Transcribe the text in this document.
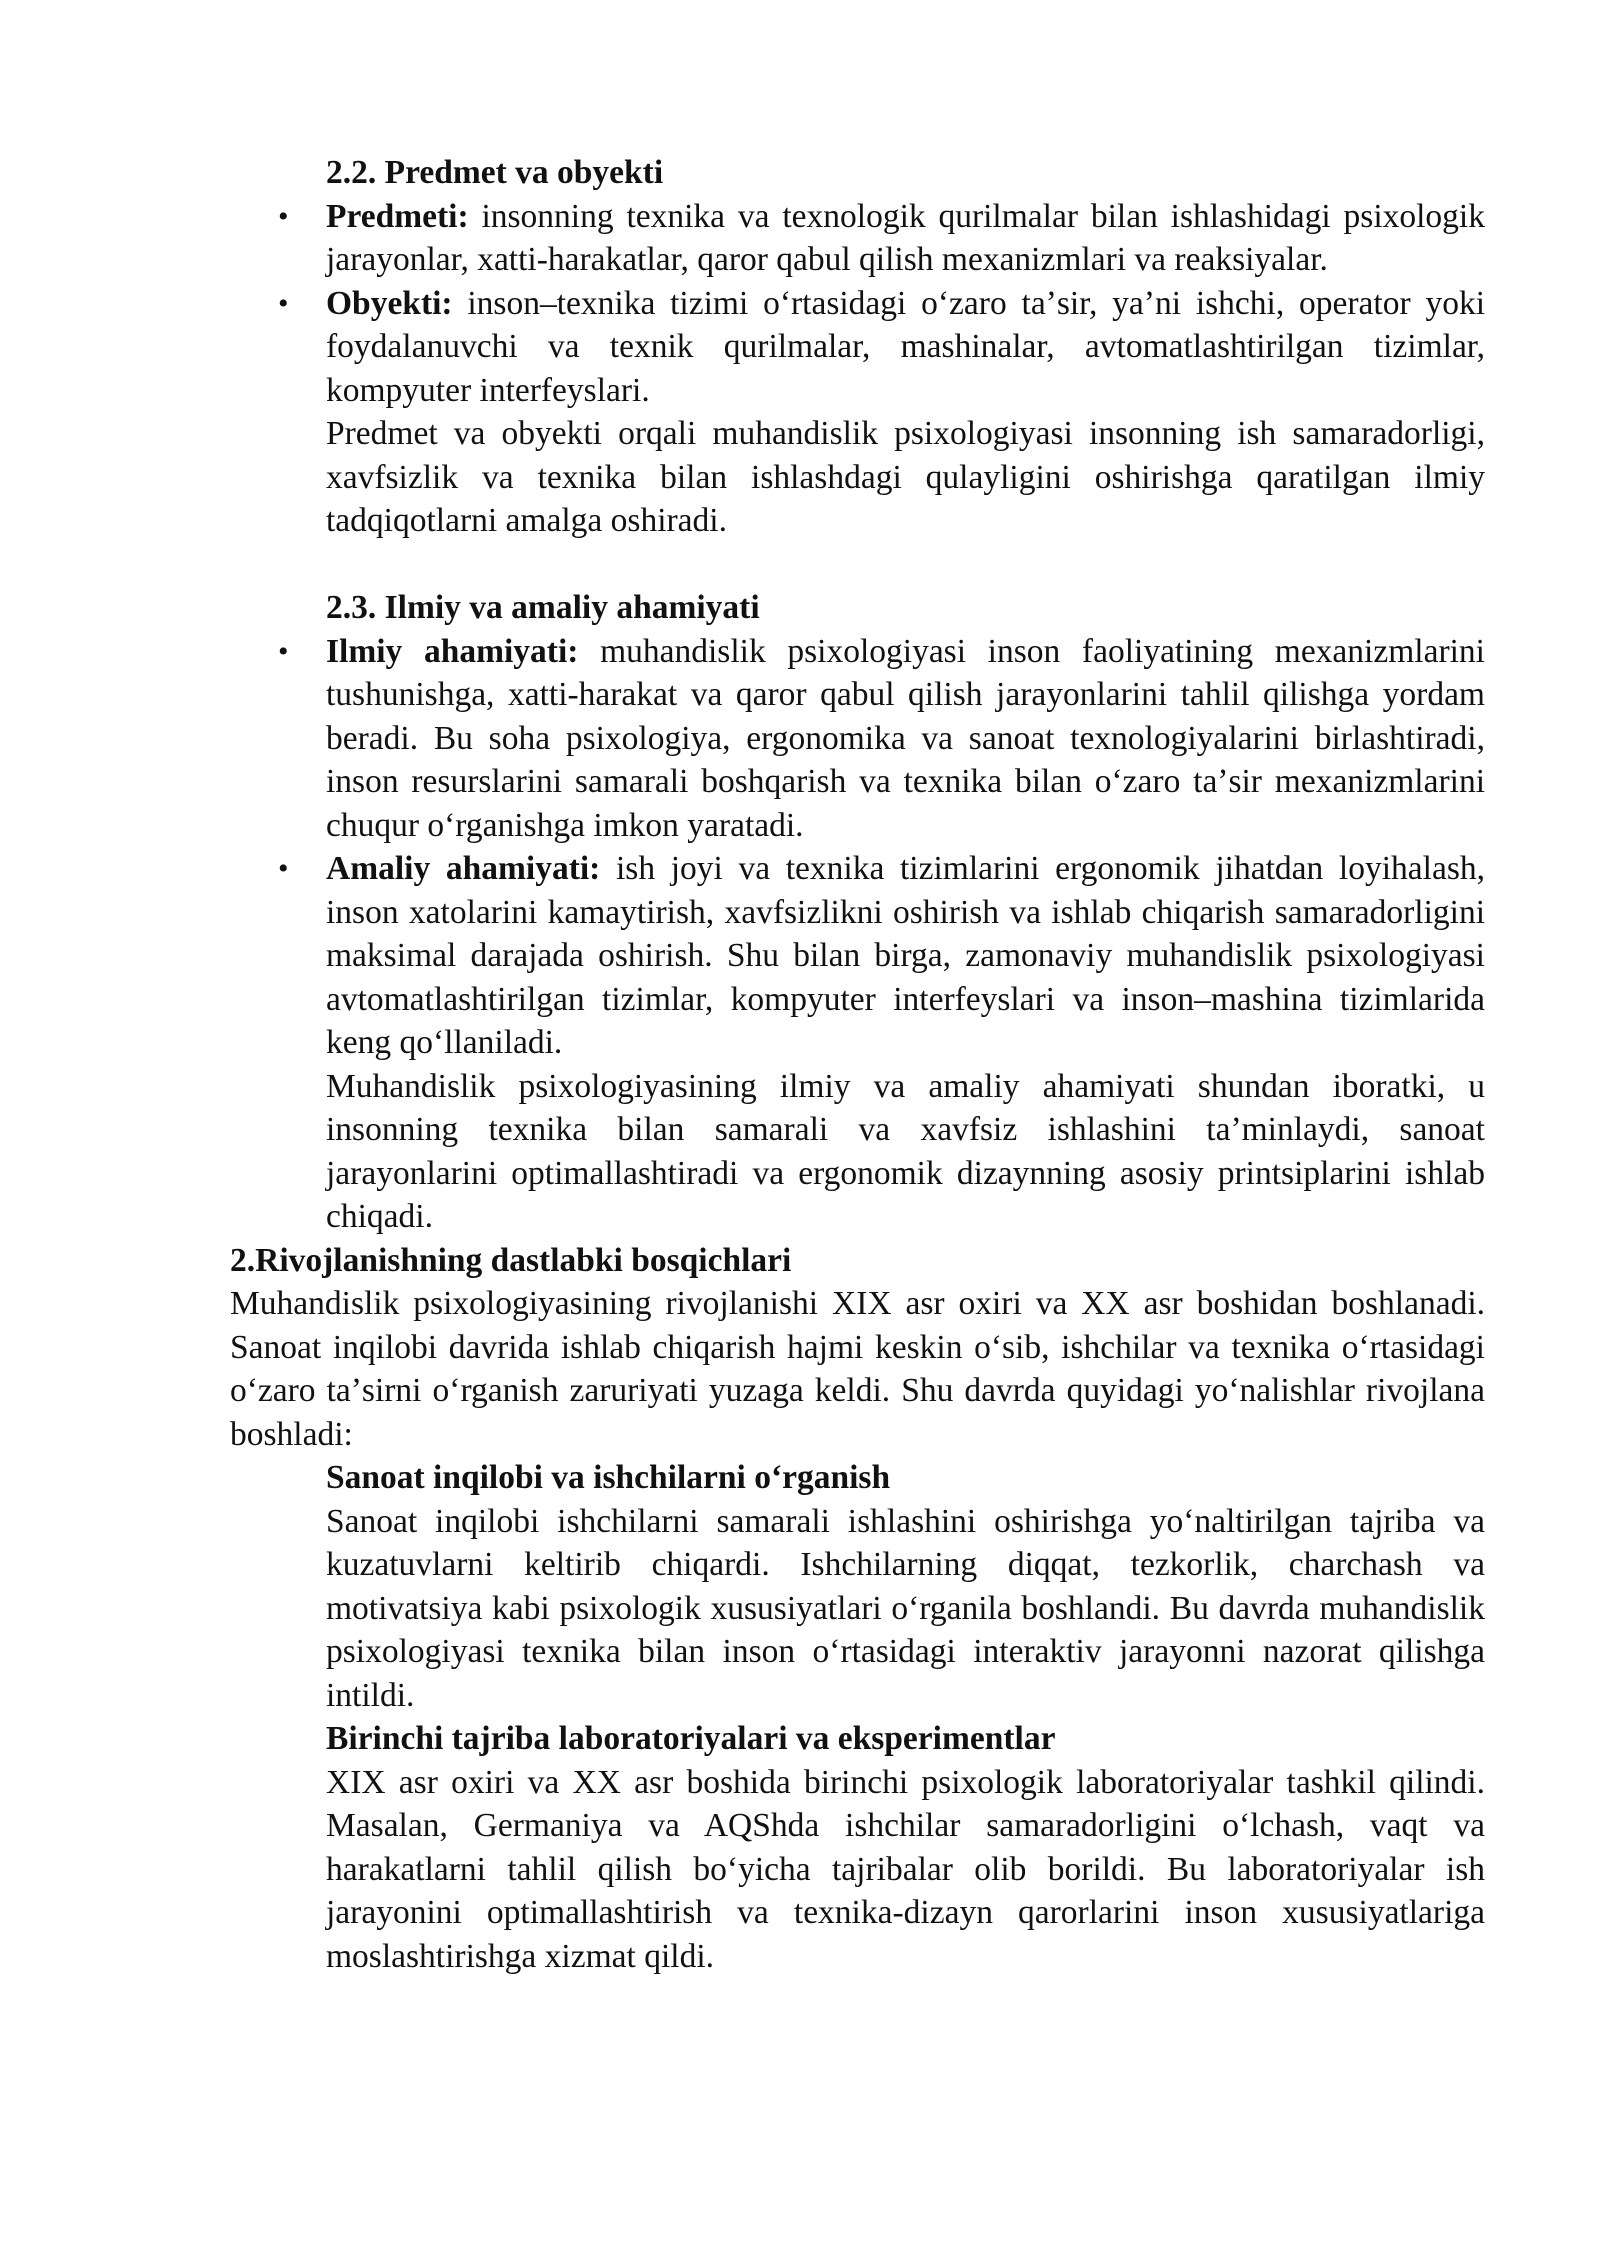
2.2. Predmet va obyekti

• Predmeti: insonning texnika va texnologik qurilmalar bilan ishlashidagi psixologik jarayonlar, xatti-harakatlar, qaror qabul qilish mexanizmlari va reaksiyalar.
• Obyekti: inson–texnika tizimi oʻrtasidagi oʻzaro taʼsir, yaʼni ishchi, operator yoki foydalanuvchi va texnik qurilmalar, mashinalar, avtomatlashtirilgan tizimlar, kompyuter interfeyslari.

Predmet va obyekti orqali muhandislik psixologiyasi insonning ish samaradorligi, xavfsizlik va texnika bilan ishlashdagi qulayligini oshirishga qaratilgan ilmiy tadqiqotlarni amalga oshiradi.

2.3. Ilmiy va amaliy ahamiyati

• Ilmiy ahamiyati: muhandislik psixologiyasi inson faoliyatining mexanizmlarini tushunishga, xatti-harakat va qaror qabul qilish jarayonlarini tahlil qilishga yordam beradi. Bu soha psixologiya, ergonomika va sanoat texnologiyalarini birlashtiradi, inson resurslarini samarali boshqarish va texnika bilan oʻzaro taʼsir mexanizmlarini chuqur oʻrganishga imkon yaratadi.
• Amaliy ahamiyati: ish joyi va texnika tizimlarini ergonomik jihatdan loyihalash, inson xatolarini kamaytirish, xavfsizlikni oshirish va ishlab chiqarish samaradorligini maksimal darajada oshirish. Shu bilan birga, zamonaviy muhandislik psixologiyasi avtomatlashtirilgan tizimlar, kompyuter interfeyslari va inson–mashina tizimlarida keng qoʻllaniladi.

Muhandislik psixologiyasining ilmiy va amaliy ahamiyati shundan iboratki, u insonning texnika bilan samarali va xavfsiz ishlashini taʼminlaydi, sanoat jarayonlarini optimallashtiradi va ergonomik dizaynning asosiy printsiplarini ishlab chiqadi.

2.Rivojlanishning dastlabki bosqichlari

Muhandislik psixologiyasining rivojlanishi XIX asr oxiri va XX asr boshidan boshlanadi. Sanoat inqilobi davrida ishlab chiqarish hajmi keskin oʻsib, ishchilar va texnika oʻrtasidagi oʻzaro taʼsirni oʻrganish zaruriyati yuzaga keldi. Shu davrda quyidagi yoʻnalishlar rivojlana boshladi:

Sanoat inqilobi va ishchilarni oʻrganish

Sanoat inqilobi ishchilarni samarali ishlashini oshirishga yoʻnaltirilgan tajriba va kuzatuvlarni keltirib chiqardi. Ishchilarning diqqat, tezkorlik, charchash va motivatsiya kabi psixologik xususiyatlari oʻrganila boshlandi. Bu davrda muhandislik psixologiyasi texnika bilan inson oʻrtasidagi interaktiv jarayonni nazorat qilishga intildi.

Birinchi tajriba laboratoriyalari va eksperimentlar

XIX asr oxiri va XX asr boshida birinchi psixologik laboratoriyalar tashkil qilindi. Masalan, Germaniya va AQShda ishchilar samaradorligini oʻlchash, vaqt va harakatlarni tahlil qilish boʻyicha tajribalar olib borildi. Bu laboratoriyalar ish jarayonini optimallashtirish va texnika-dizayn qarorlarini inson xususiyatlariga moslashtirishga xizmat qildi.
